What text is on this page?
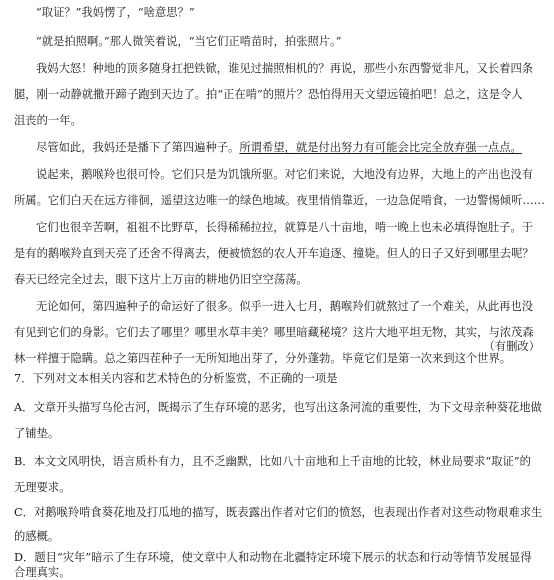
“取证？”我妈愣了，“啥意思？”
“就是拍照啊。”那人微笑着说，“当它们正啃苗时，拍张照片。”
我妈大怒！种地的顶多随身扛把铁锨，谁见过揣照相机的？再说，那些小东西警觉非凡，又长着四条
腿，刚一动静就撒开蹄子跑到天边了。拍“正在啃”的照片？恐怕得用天文望远镜拍吧！总之，这是令人
沮丧的一年。
尽管如此，我妈还是播下了第四遍种子。所谓希望，就是付出努力有可能会比完全放弃强一点点。
说起来，鹅喉羚也很可怜。它们只是为饥饿所驱。对它们来说，大地没有边界，大地上的产出也没有
所属。它们白天在远方徘徊，遥望这边唯一的绿色地域。夜里悄悄靠近，一边急促啃食，一边警惕倾听……
它们也很辛苦啊，祖祖不比野草，长得稀稀拉拉，就算是八十亩地，啃一晚上也未必填得饱肚子。于
是有的鹅喉羚直到天亮了还舍不得离去，便被愤怒的农人开车追逐、撞毙。但人的日子又好到哪里去呢？
春天已经完全过去，眼下这片上万亩的耕地仍旧空空荡荡。
无论如何，第四遍种子的命运好了很多。似乎一进入七月，鹅喉羚们就熬过了一个难关，从此再也没
有见到它们的身影。它们去了哪里？哪里水草丰美？哪里暗藏秘境？这片大地平坦无物，其实，与浓茂森
林一样擅于隐瞒。总之第四茬种子一无所知地出芽了，分外蓬勃。毕竟它们是第一次来到这个世界。
（有删改）
7．下列对文本相关内容和艺术特色的分析鉴赏，不正确的一项是
A．文章开头描写乌伦古河，既揭示了生存环境的恶劣，也写出这条河流的重要性，为下文母亲种葵花地做
了铺垫。
B．本文文风明快，语言质朴有力，且不乏幽默，比如八十亩地和上千亩地的比较，林业局要求“取证”的
无理要求。
C．对鹅喉羚啃食葵花地及打瓜地的描写，既表露出作者对它们的愤怒，也表现出作者对这些动物艰难求生
的感概。
D．题目“灾年”暗示了生存环境，使文章中人和动物在北疆特定环境下展示的状态和行动等情节发展显得
合理真实。
